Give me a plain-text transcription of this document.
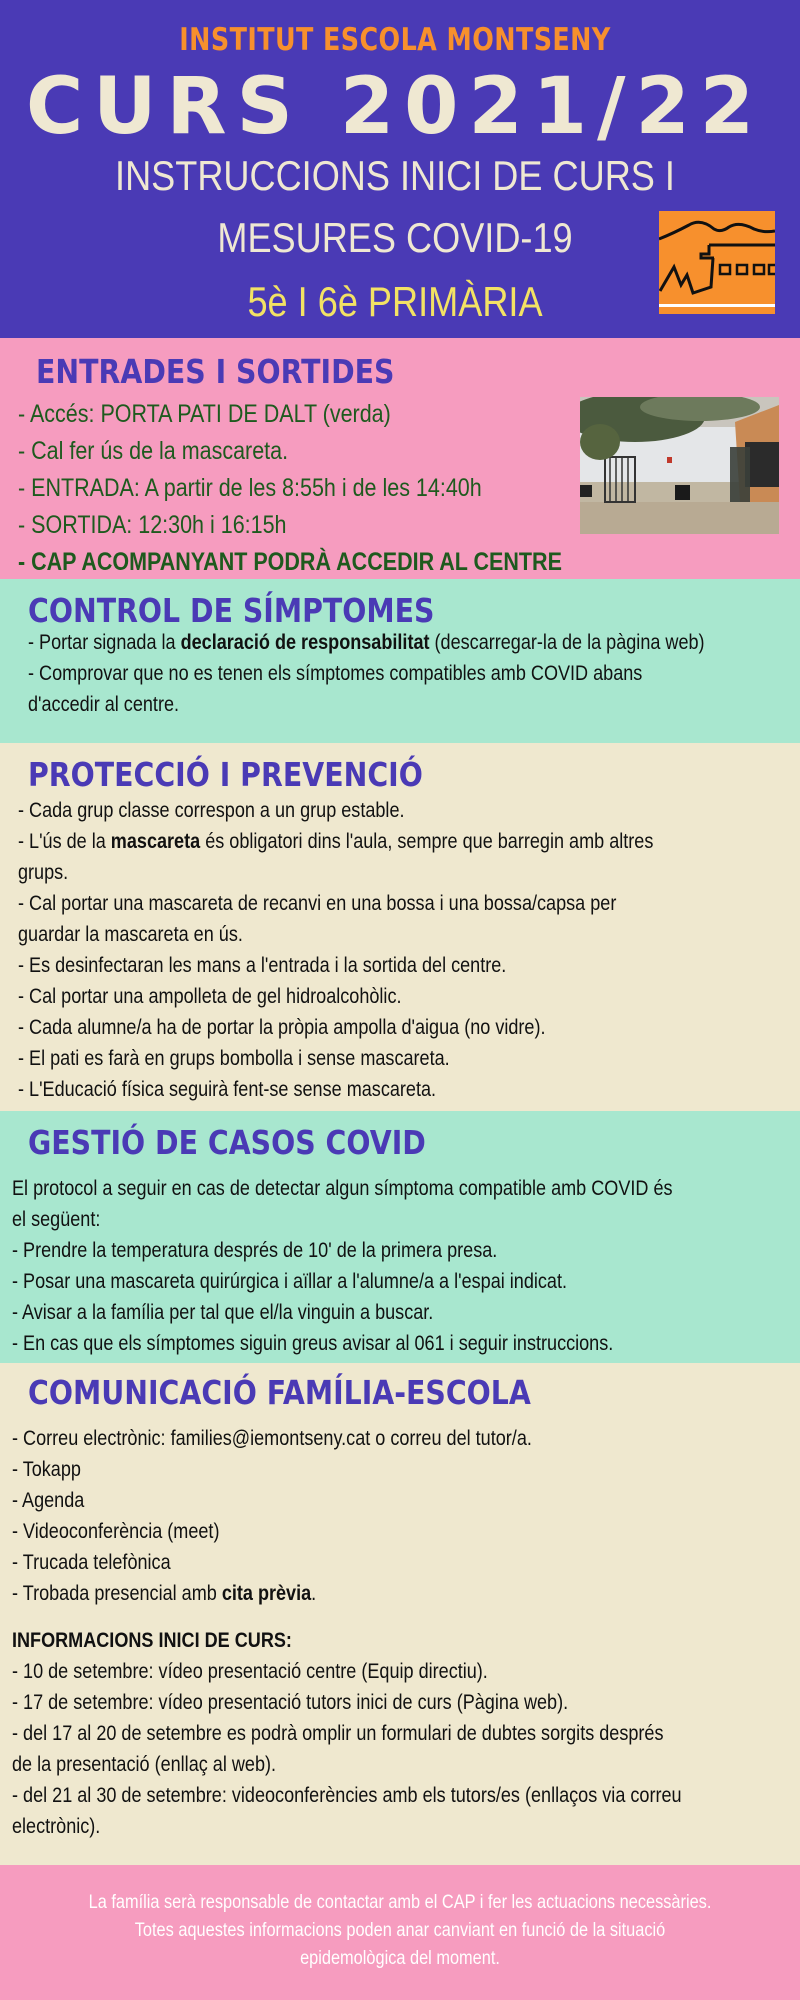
INSTITUT ESCOLA MONTSENY
CURS 2021/22
INSTRUCCIONS INICI DE CURS I
MESURES COVID-19
5è I 6è PRIMÀRIA
ENTRADES I SORTIDES
- Accés: PORTA PATI DE DALT (verda)
- Cal fer ús de la mascareta.
- ENTRADA: A partir de les 8:55h i de les 14:40h
- SORTIDA: 12:30h i 16:15h
- CAP ACOMPANYANT PODRÀ ACCEDIR AL CENTRE
CONTROL DE SÍMPTOMES
- Portar signada la declaració de responsabilitat (descarregar-la de la pàgina web)
- Comprovar que no es tenen els símptomes compatibles amb COVID abans
d'accedir al centre.
PROTECCIÓ I PREVENCIÓ
- Cada grup classe correspon a un grup estable.
- L'ús de la mascareta és obligatori dins l'aula, sempre que barregin amb altres
grups.
- Cal portar una mascareta de recanvi en una bossa i una bossa/capsa per
guardar la mascareta en ús.
- Es desinfectaran les mans a l'entrada i la sortida del centre.
- Cal portar una ampolleta de gel hidroalcohòlic.
- Cada alumne/a ha de portar la pròpia ampolla d'aigua (no vidre).
- El pati es farà en grups bombolla i sense mascareta.
- L'Educació física seguirà fent-se sense mascareta.
GESTIÓ DE CASOS COVID
El protocol a seguir en cas de detectar algun símptoma compatible amb COVID és
el següent:
- Prendre la temperatura després de 10' de la primera presa.
- Posar una mascareta quirúrgica i aïllar a l'alumne/a a l'espai indicat.
- Avisar a la família per tal que el/la vinguin a buscar.
- En cas que els símptomes siguin greus avisar al 061 i seguir instruccions.
COMUNICACIÓ FAMÍLIA-ESCOLA
- Correu electrònic: families@iemontseny.cat o correu del tutor/a.
- Tokapp
- Agenda
- Videoconferència (meet)
- Trucada telefònica
- Trobada presencial amb cita prèvia.
INFORMACIONS INICI DE CURS:
- 10 de setembre: vídeo presentació centre (Equip directiu).
- 17 de setembre: vídeo presentació tutors inici de curs (Pàgina web).
- del 17 al 20 de setembre es podrà omplir un formulari de dubtes sorgits després
de la presentació (enllaç al web).
- del 21 al 30 de setembre: videoconferències amb els tutors/es (enllaços via correu
electrònic).
La família serà responsable de contactar amb el CAP i fer les actuacions necessàries.
Totes aquestes informacions poden anar canviant en funció de la situació
epidemològica del moment.
